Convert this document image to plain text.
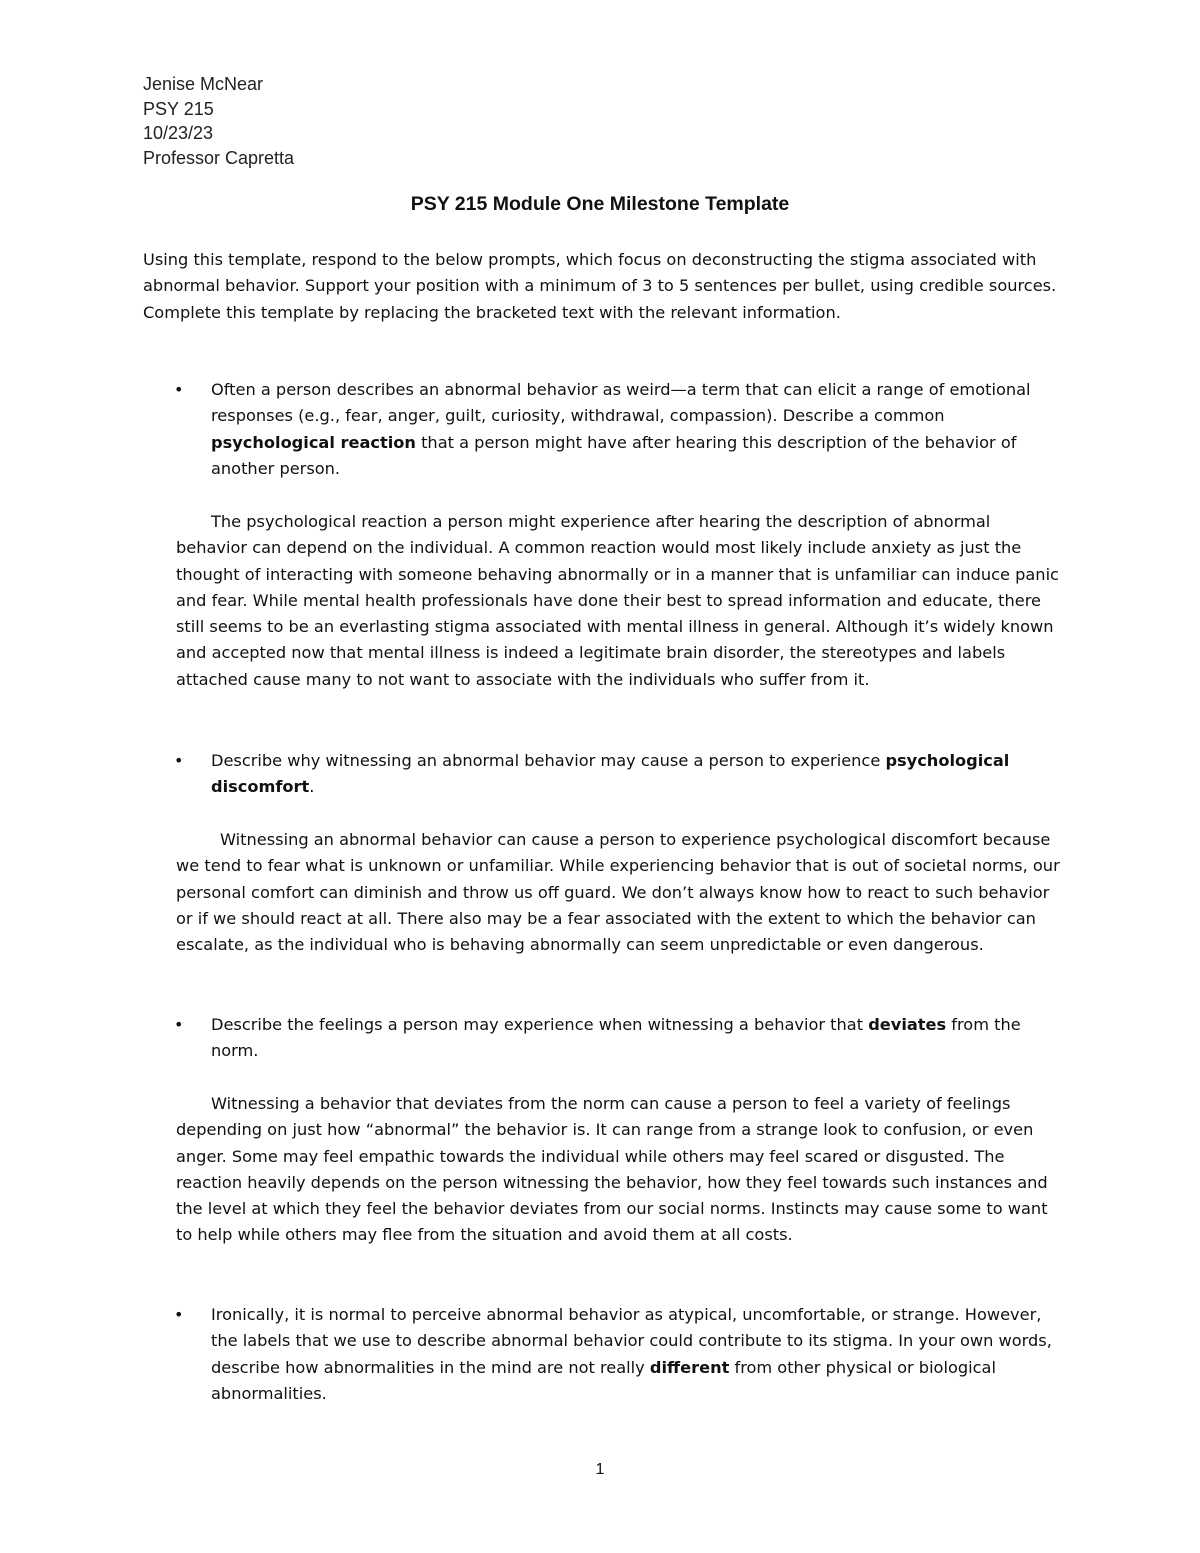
Jenise McNear
PSY 215
10/23/23
Professor Capretta
PSY 215 Module One Milestone Template
Using this template, respond to the below prompts, which focus on deconstructing the stigma associated with abnormal behavior. Support your position with a minimum of 3 to 5 sentences per bullet, using credible sources. Complete this template by replacing the bracketed text with the relevant information.
• Often a person describes an abnormal behavior as weird—a term that can elicit a range of emotional responses (e.g., fear, anger, guilt, curiosity, withdrawal, compassion). Describe a common psychological reaction that a person might have after hearing this description of the behavior of another person.
The psychological reaction a person might experience after hearing the description of abnormal behavior can depend on the individual. A common reaction would most likely include anxiety as just the thought of interacting with someone behaving abnormally or in a manner that is unfamiliar can induce panic and fear. While mental health professionals have done their best to spread information and educate, there still seems to be an everlasting stigma associated with mental illness in general. Although it’s widely known and accepted now that mental illness is indeed a legitimate brain disorder, the stereotypes and labels attached cause many to not want to associate with the individuals who suffer from it.
• Describe why witnessing an abnormal behavior may cause a person to experience psychological discomfort.
Witnessing an abnormal behavior can cause a person to experience psychological discomfort because we tend to fear what is unknown or unfamiliar. While experiencing behavior that is out of societal norms, our personal comfort can diminish and throw us off guard. We don’t always know how to react to such behavior or if we should react at all. There also may be a fear associated with the extent to which the behavior can escalate, as the individual who is behaving abnormally can seem unpredictable or even dangerous.
• Describe the feelings a person may experience when witnessing a behavior that deviates from the norm.
Witnessing a behavior that deviates from the norm can cause a person to feel a variety of feelings depending on just how “abnormal” the behavior is. It can range from a strange look to confusion, or even anger. Some may feel empathic towards the individual while others may feel scared or disgusted. The reaction heavily depends on the person witnessing the behavior, how they feel towards such instances and the level at which they feel the behavior deviates from our social norms. Instincts may cause some to want to help while others may flee from the situation and avoid them at all costs.
• Ironically, it is normal to perceive abnormal behavior as atypical, uncomfortable, or strange. However, the labels that we use to describe abnormal behavior could contribute to its stigma. In your own words, describe how abnormalities in the mind are not really different from other physical or biological abnormalities.
1
